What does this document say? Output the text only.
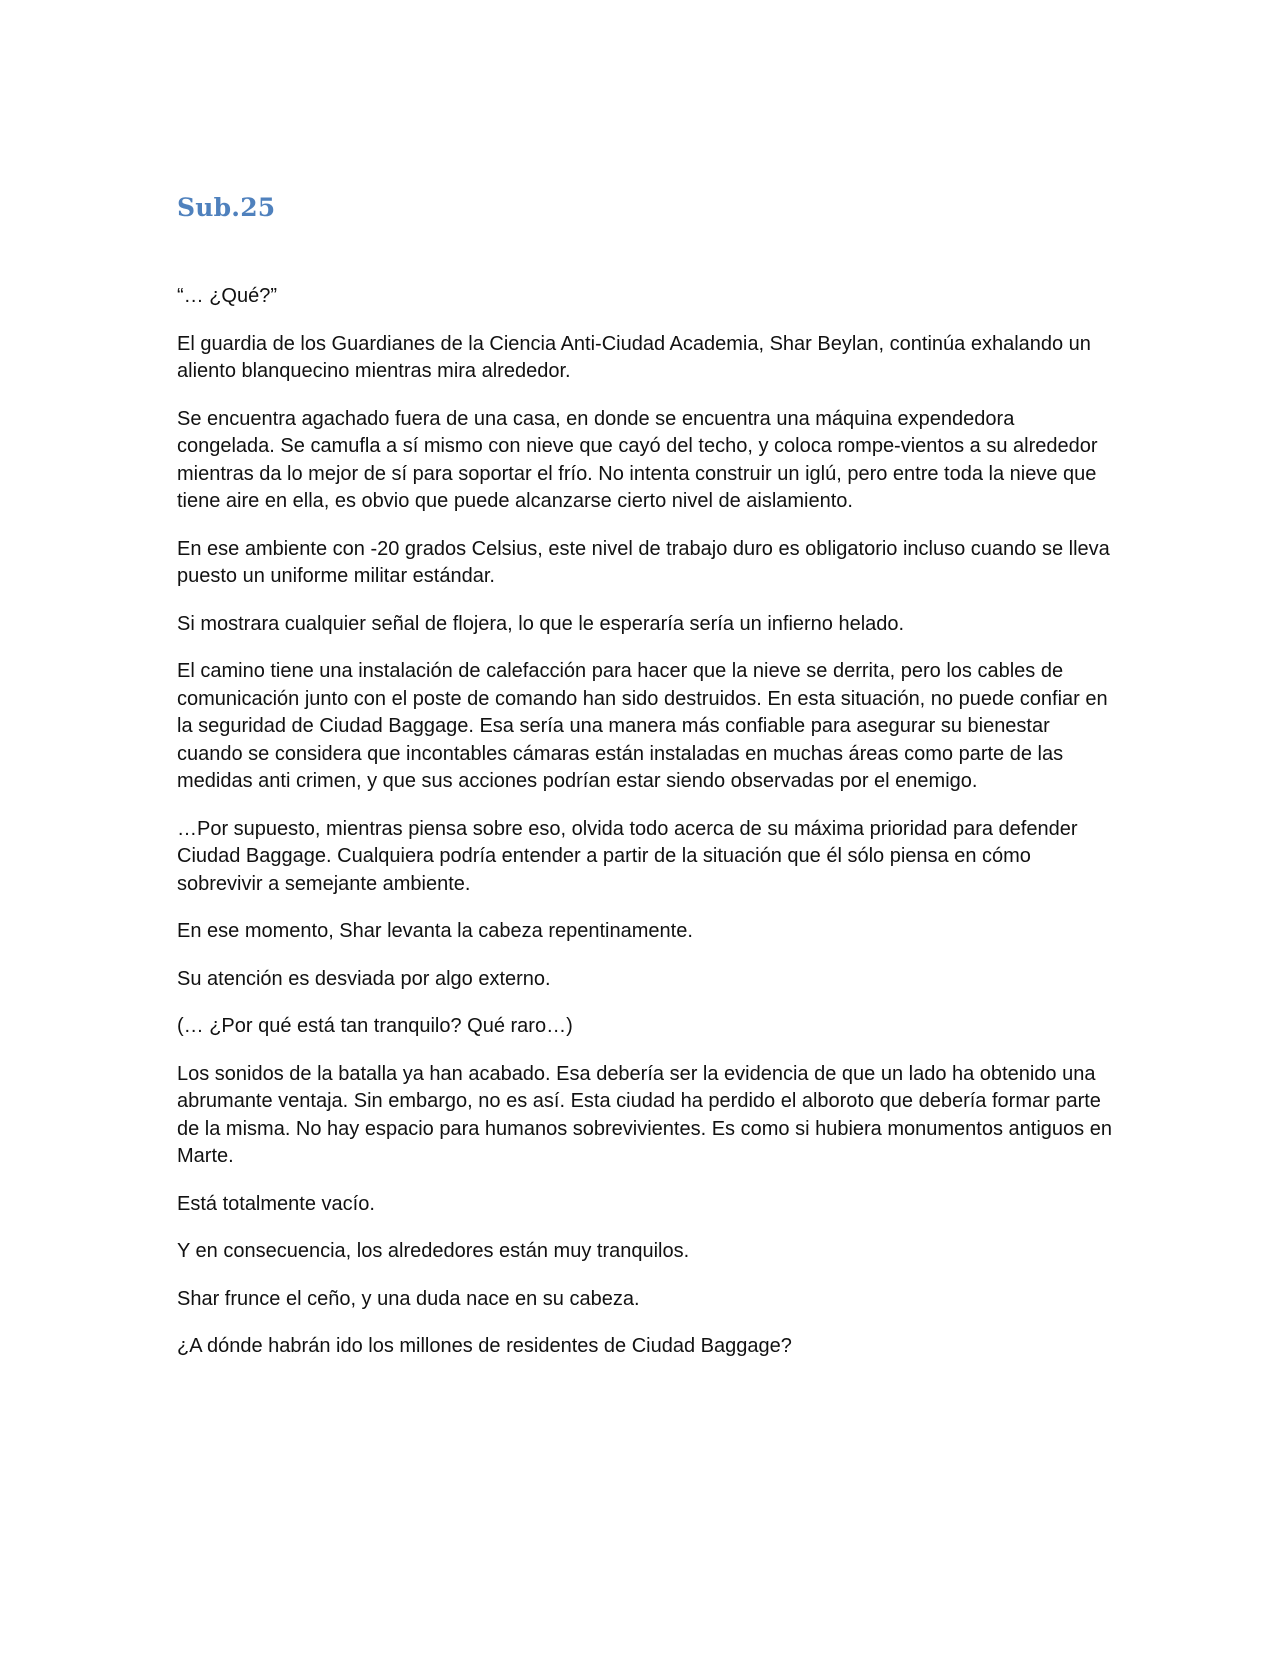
Sub.25

“… ¿Qué?”

El guardia de los Guardianes de la Ciencia Anti-Ciudad Academia, Shar Beylan, continúa exhalando un aliento blanquecino mientras mira alrededor.

Se encuentra agachado fuera de una casa, en donde se encuentra una máquina expendedora congelada. Se camufla a sí mismo con nieve que cayó del techo, y coloca rompe-vientos a su alrededor mientras da lo mejor de sí para soportar el frío. No intenta construir un iglú, pero entre toda la nieve que tiene aire en ella, es obvio que puede alcanzarse cierto nivel de aislamiento.

En ese ambiente con -20 grados Celsius, este nivel de trabajo duro es obligatorio incluso cuando se lleva puesto un uniforme militar estándar.

Si mostrara cualquier señal de flojera, lo que le esperaría sería un infierno helado.

El camino tiene una instalación de calefacción para hacer que la nieve se derrita, pero los cables de comunicación junto con el poste de comando han sido destruidos. En esta situación, no puede confiar en la seguridad de Ciudad Baggage. Esa sería una manera más confiable para asegurar su bienestar cuando se considera que incontables cámaras están instaladas en muchas áreas como parte de las medidas anti crimen, y que sus acciones podrían estar siendo observadas por el enemigo.

…Por supuesto, mientras piensa sobre eso, olvida todo acerca de su máxima prioridad para defender Ciudad Baggage. Cualquiera podría entender a partir de la situación que él sólo piensa en cómo sobrevivir a semejante ambiente.

En ese momento, Shar levanta la cabeza repentinamente.

Su atención es desviada por algo externo.

(… ¿Por qué está tan tranquilo? Qué raro…)

Los sonidos de la batalla ya han acabado. Esa debería ser la evidencia de que un lado ha obtenido una abrumante ventaja. Sin embargo, no es así. Esta ciudad ha perdido el alboroto que debería formar parte de la misma. No hay espacio para humanos sobrevivientes. Es como si hubiera monumentos antiguos en Marte.

Está totalmente vacío.

Y en consecuencia, los alrededores están muy tranquilos.

Shar frunce el ceño, y una duda nace en su cabeza.

¿A dónde habrán ido los millones de residentes de Ciudad Baggage?
